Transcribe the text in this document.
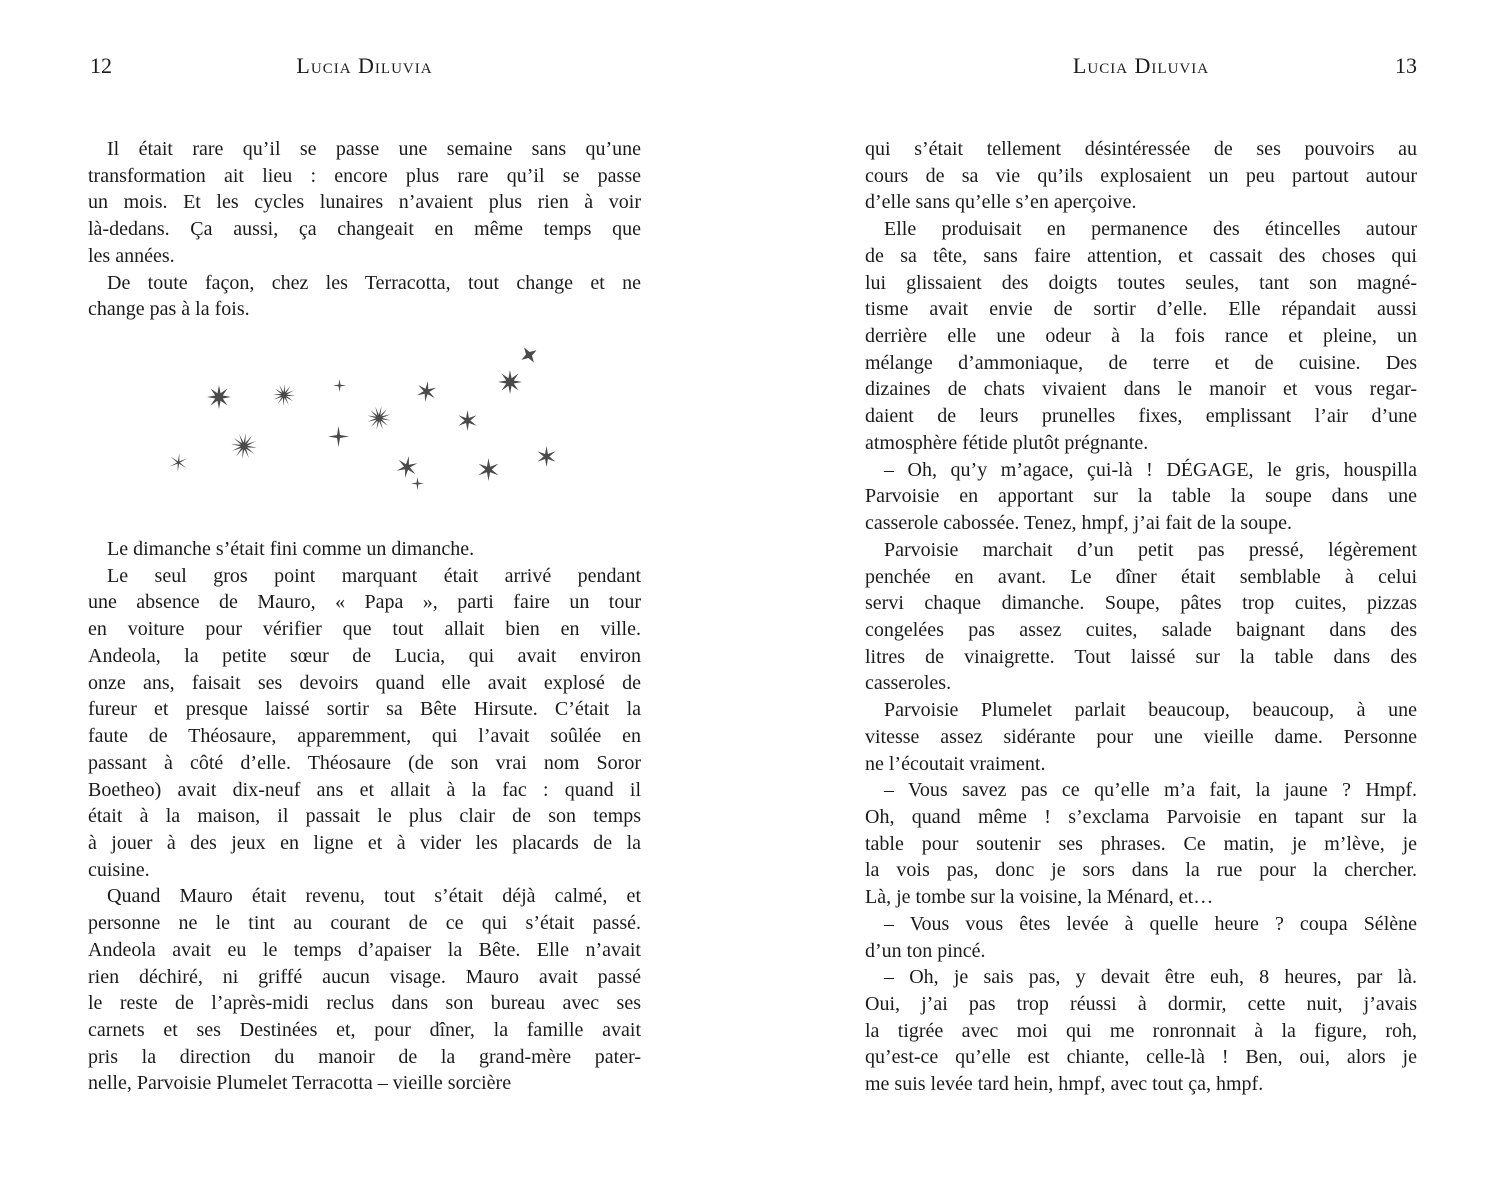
12	Lucia Diluvia
Il était rare qu’il se passe une semaine sans qu’une
transformation ait lieu : encore plus rare qu’il se passe
un mois. Et les cycles lunaires n’avaient plus rien à voir
là-dedans. Ça aussi, ça changeait en même temps que
les années.
De toute façon, chez les Terracotta, tout change et ne
change pas à la fois.
Le dimanche s’était fini comme un dimanche.
Le seul gros point marquant était arrivé pendant
une absence de Mauro, « Papa », parti faire un tour
en voiture pour vérifier que tout allait bien en ville.
Andeola, la petite sœur de Lucia, qui avait environ
onze ans, faisait ses devoirs quand elle avait explosé de
fureur et presque laissé sortir sa Bête Hirsute. C’était la
faute de Théosaure, apparemment, qui l’avait soûlée en
passant à côté d’elle. Théosaure (de son vrai nom Soror
Boetheo) avait dix-neuf ans et allait à la fac : quand il
était à la maison, il passait le plus clair de son temps
à jouer à des jeux en ligne et à vider les placards de la
cuisine.
Quand Mauro était revenu, tout s’était déjà calmé, et
personne ne le tint au courant de ce qui s’était passé.
Andeola avait eu le temps d’apaiser la Bête. Elle n’avait
rien déchiré, ni griffé aucun visage. Mauro avait passé
le reste de l’après-midi reclus dans son bureau avec ses
carnets et ses Destinées et, pour dîner, la famille avait
pris la direction du manoir de la grand-mère pater-
nelle, Parvoisie Plumelet Terracotta – vieille sorcière
Lucia Diluvia	13
qui s’était tellement désintéressée de ses pouvoirs au
cours de sa vie qu’ils explosaient un peu partout autour
d’elle sans qu’elle s’en aperçoive.
Elle produisait en permanence des étincelles autour
de sa tête, sans faire attention, et cassait des choses qui
lui glissaient des doigts toutes seules, tant son magné-
tisme avait envie de sortir d’elle. Elle répandait aussi
derrière elle une odeur à la fois rance et pleine, un
mélange d’ammoniaque, de terre et de cuisine. Des
dizaines de chats vivaient dans le manoir et vous regar-
daient de leurs prunelles fixes, emplissant l’air d’une
atmosphère fétide plutôt prégnante.
– Oh, qu’y m’agace, çui-là ! DÉGAGE, le gris, houspilla
Parvoisie en apportant sur la table la soupe dans une
casserole cabossée. Tenez, hmpf, j’ai fait de la soupe.
Parvoisie marchait d’un petit pas pressé, légèrement
penchée en avant. Le dîner était semblable à celui
servi chaque dimanche. Soupe, pâtes trop cuites, pizzas
congelées pas assez cuites, salade baignant dans des
litres de vinaigrette. Tout laissé sur la table dans des
casseroles.
Parvoisie Plumelet parlait beaucoup, beaucoup, à une
vitesse assez sidérante pour une vieille dame. Personne
ne l’écoutait vraiment.
– Vous savez pas ce qu’elle m’a fait, la jaune ? Hmpf.
Oh, quand même ! s’exclama Parvoisie en tapant sur la
table pour soutenir ses phrases. Ce matin, je m’lève, je
la vois pas, donc je sors dans la rue pour la chercher.
Là, je tombe sur la voisine, la Ménard, et…
– Vous vous êtes levée à quelle heure ? coupa Sélène
d’un ton pincé.
– Oh, je sais pas, y devait être euh, 8 heures, par là.
Oui, j’ai pas trop réussi à dormir, cette nuit, j’avais
la tigrée avec moi qui me ronronnait à la figure, roh,
qu’est-ce qu’elle est chiante, celle-là ! Ben, oui, alors je
me suis levée tard hein, hmpf, avec tout ça, hmpf.
